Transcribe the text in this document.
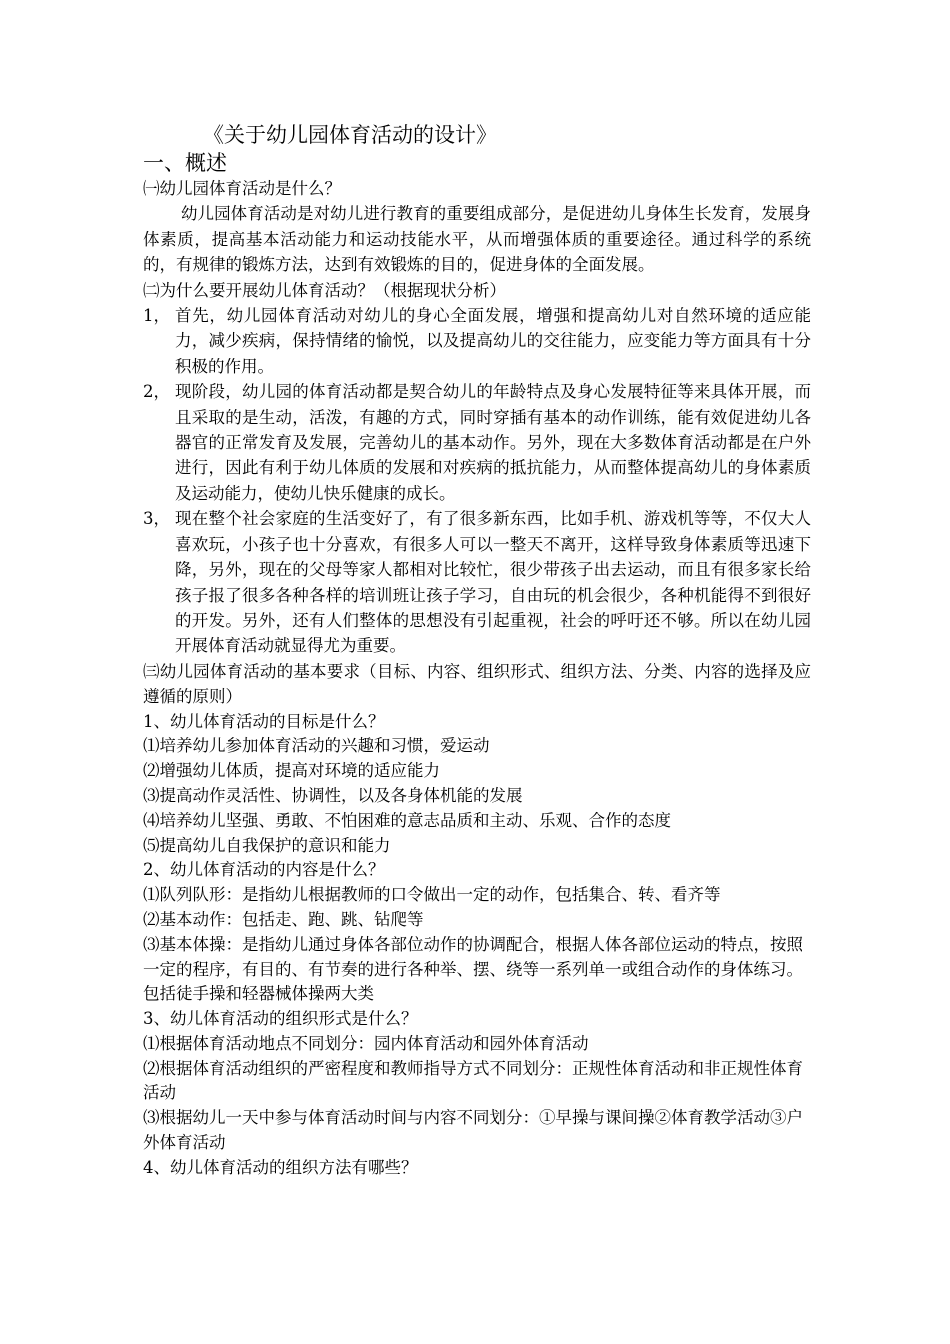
《关于幼儿园体育活动的设计》

一、概述

㈠幼儿园体育活动是什么？

幼儿园体育活动是对幼儿进行教育的重要组成部分，是促进幼儿身体生长发育，发展身体素质，提高基本活动能力和运动技能水平，从而增强体质的重要途径。通过科学的系统的，有规律的锻炼方法，达到有效锻炼的目的，促进身体的全面发展。

㈡为什么要开展幼儿体育活动？（根据现状分析）

1， 首先，幼儿园体育活动对幼儿的身心全面发展，增强和提高幼儿对自然环境的适应能力，减少疾病，保持情绪的愉悦，以及提高幼儿的交往能力，应变能力等方面具有十分积极的作用。
2， 现阶段，幼儿园的体育活动都是契合幼儿的年龄特点及身心发展特征等来具体开展，而且采取的是生动，活泼，有趣的方式，同时穿插有基本的动作训练，能有效促进幼儿各器官的正常发育及发展，完善幼儿的基本动作。另外，现在大多数体育活动都是在户外进行，因此有利于幼儿体质的发展和对疾病的抵抗能力，从而整体提高幼儿的身体素质及运动能力，使幼儿快乐健康的成长。
3， 现在整个社会家庭的生活变好了，有了很多新东西，比如手机、游戏机等等，不仅大人喜欢玩，小孩子也十分喜欢，有很多人可以一整天不离开，这样导致身体素质等迅速下降，另外，现在的父母等家人都相对比较忙，很少带孩子出去运动，而且有很多家长给孩子报了很多各种各样的培训班让孩子学习，自由玩的机会很少，各种机能得不到很好的开发。另外，还有人们整体的思想没有引起重视，社会的呼吁还不够。所以在幼儿园开展体育活动就显得尤为重要。

㈢幼儿园体育活动的基本要求（目标、内容、组织形式、组织方法、分类、内容的选择及应遵循的原则）

1、幼儿体育活动的目标是什么？

⑴培养幼儿参加体育活动的兴趣和习惯，爱运动

⑵增强幼儿体质，提高对环境的适应能力

⑶提高动作灵活性、协调性，以及各身体机能的发展

⑷培养幼儿坚强、勇敢、不怕困难的意志品质和主动、乐观、合作的态度

⑸提高幼儿自我保护的意识和能力

2、幼儿体育活动的内容是什么？

⑴队列队形：是指幼儿根据教师的口令做出一定的动作，包括集合、转、看齐等

⑵基本动作：包括走、跑、跳、钻爬等

⑶基本体操：是指幼儿通过身体各部位动作的协调配合，根据人体各部位运动的特点，按照一定的程序，有目的、有节奏的进行各种举、摆、绕等一系列单一或组合动作的身体练习。包括徒手操和轻器械体操两大类

3、幼儿体育活动的组织形式是什么？

⑴根据体育活动地点不同划分：园内体育活动和园外体育活动

⑵根据体育活动组织的严密程度和教师指导方式不同划分：正规性体育活动和非正规性体育活动

⑶根据幼儿一天中参与体育活动时间与内容不同划分：①早操与课间操②体育教学活动③户外体育活动

4、幼儿体育活动的组织方法有哪些？
